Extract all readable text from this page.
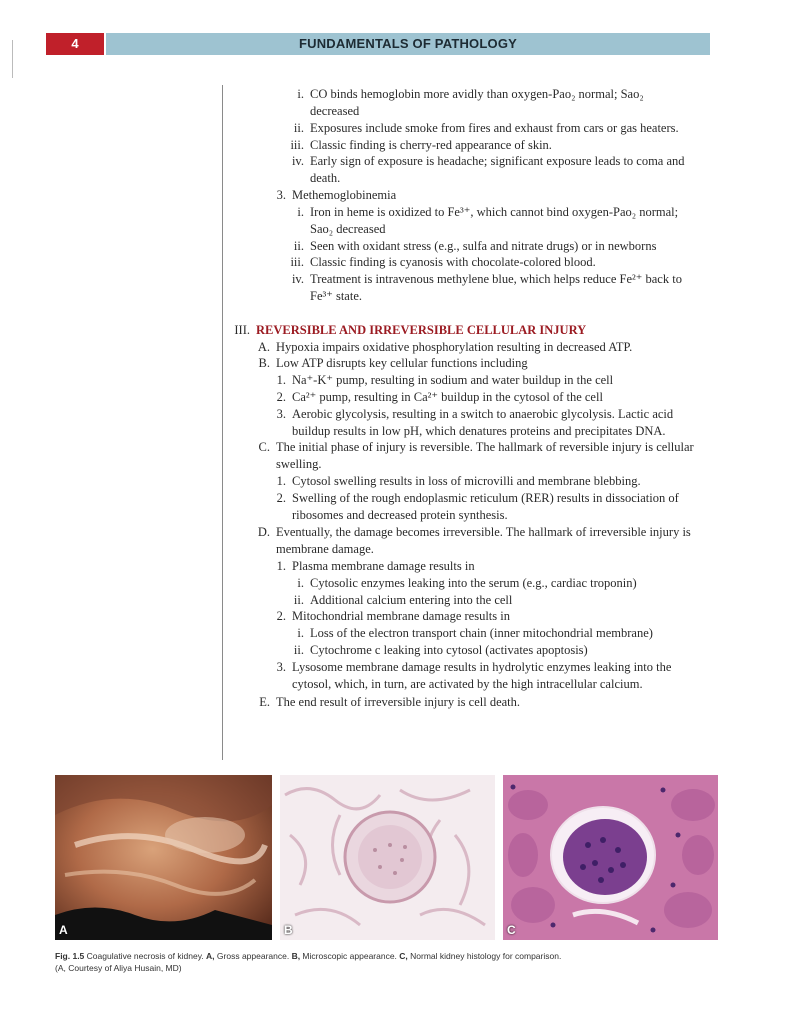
4	FUNDAMENTALS OF PATHOLOGY
i. CO binds hemoglobin more avidly than oxygen-Pao₂ normal; Sao₂
decreased
ii. Exposures include smoke from fires and exhaust from cars or gas heaters.
iii. Classic finding is cherry-red appearance of skin.
iv. Early sign of exposure is headache; significant exposure leads to coma and
death.
3. Methemoglobinemia
i. Iron in heme is oxidized to Fe³⁺, which cannot bind oxygen-Pao₂ normal;
Sao₂ decreased
ii. Seen with oxidant stress (e.g., sulfa and nitrate drugs) or in newborns
iii. Classic finding is cyanosis with chocolate-colored blood.
iv. Treatment is intravenous methylene blue, which helps reduce Fe²⁺ back to
Fe³⁺ state.
III. REVERSIBLE AND IRREVERSIBLE CELLULAR INJURY
A. Hypoxia impairs oxidative phosphorylation resulting in decreased ATP.
B. Low ATP disrupts key cellular functions including
1. Na⁺-K⁺ pump, resulting in sodium and water buildup in the cell
2. Ca²⁺ pump, resulting in Ca²⁺ buildup in the cytosol of the cell
3. Aerobic glycolysis, resulting in a switch to anaerobic glycolysis. Lactic acid
buildup results in low pH, which denatures proteins and precipitates DNA.
C. The initial phase of injury is reversible. The hallmark of reversible injury is cellular
swelling.
1. Cytosol swelling results in loss of microvilli and membrane blebbing.
2. Swelling of the rough endoplasmic reticulum (RER) results in dissociation of
ribosomes and decreased protein synthesis.
D. Eventually, the damage becomes irreversible. The hallmark of irreversible injury is
membrane damage.
1. Plasma membrane damage results in
i. Cytosolic enzymes leaking into the serum (e.g., cardiac troponin)
ii. Additional calcium entering into the cell
2. Mitochondrial membrane damage results in
i. Loss of the electron transport chain (inner mitochondrial membrane)
ii. Cytochrome c leaking into cytosol (activates apoptosis)
3. Lysosome membrane damage results in hydrolytic enzymes leaking into the
cytosol, which, in turn, are activated by the high intracellular calcium.
E. The end result of irreversible injury is cell death.
A	B	C
Fig. 1.5 Coagulative necrosis of kidney. A, Gross appearance. B, Microscopic appearance. C, Normal kidney histology for comparison.
(A, Courtesy of Aliya Husain, MD)
